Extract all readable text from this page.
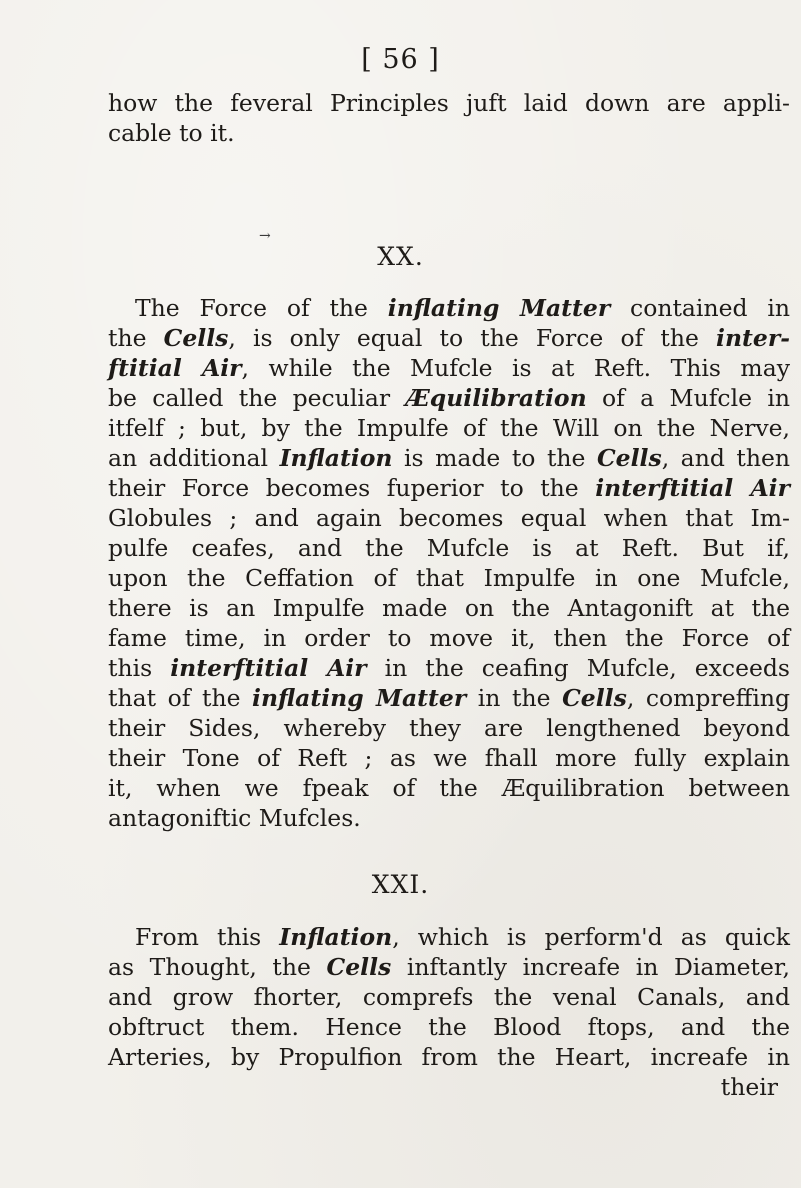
[ 56 ]
how the feveral Principles juft laid down are appli-
cable to it.
→
XX.
The Force of the inflating Matter contained in
the Cells, is only equal to the Force of the inter-
ftitial Air, while the Mufcle is at Reft. This may
be called the peculiar Æquilibration of a Mufcle in
itfelf ; but, by the Impulfe of the Will on the Nerve,
an additional Inflation is made to the Cells, and then
their Force becomes fuperior to the interftitial Air
Globules ; and again becomes equal when that Im-
pulfe ceafes, and the Mufcle is at Reft. But if,
upon the Ceffation of that Impulfe in one Mufcle,
there is an Impulfe made on the Antagonift at the
fame time, in order to move it, then the Force of
this interftitial Air in the ceafing Mufcle, exceeds
that of the inflating Matter in the Cells, compreffing
their Sides, whereby they are lengthened beyond
their Tone of Reft ; as we fhall more fully explain
it, when we fpeak of the Æquilibration between
antagoniftic Mufcles.
XXI.
From this Inflation, which is perform'd as quick
as Thought, the Cells inftantly increafe in Diameter,
and grow fhorter, comprefs the venal Canals, and
obftruct them. Hence the Blood ftops, and the
Arteries, by Propulfion from the Heart, increafe in
their
